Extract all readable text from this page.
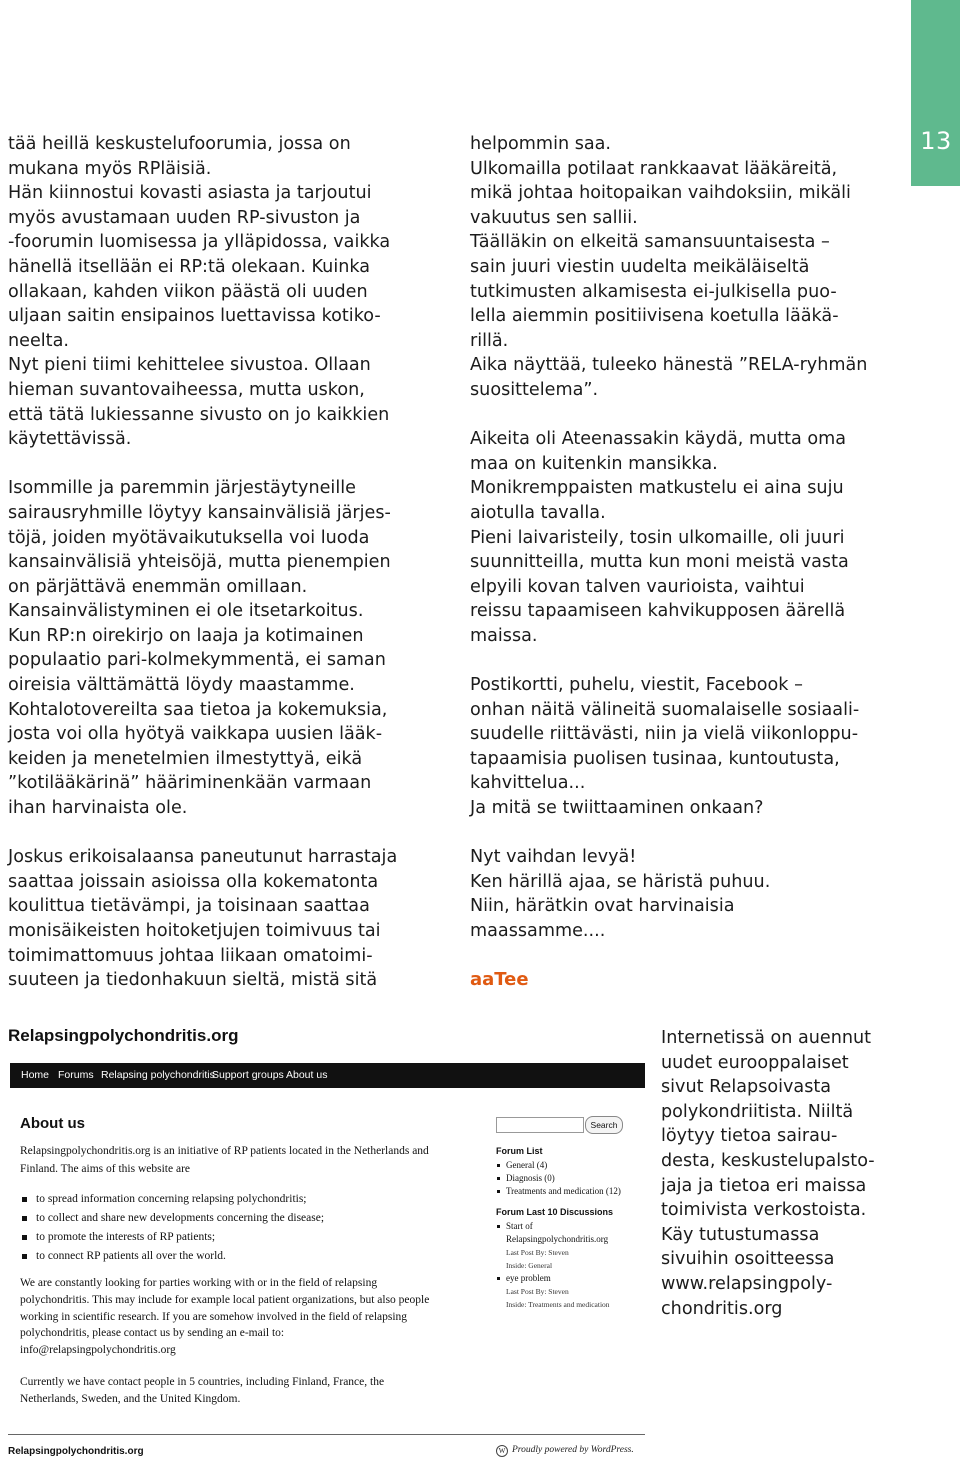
13

tää heillä keskustelufoorumia, jossa on
mukana myös RPläisiä.
Hän kiinnostui kovasti asiasta ja tarjoutui
myös avustamaan uuden RP-sivuston ja
-foorumin luomisessa ja ylläpidossa, vaikka
hänellä itsellään ei RP:tä olekaan. Kuinka
ollakaan, kahden viikon päästä oli uuden
uljaan saitin ensipainos luettavissa kotiko-
neelta.
Nyt pieni tiimi kehittelee sivustoa. Ollaan
hieman suvantovaiheessa, mutta uskon,
että tätä lukiessanne sivusto on jo kaikkien
käytettävissä.

Isommille ja paremmin järjestäytyneille
sairausryhmille löytyy kansainvälisiä järjes-
töjä, joiden myötävaikutuksella voi luoda
kansainvälisiä yhteisöjä, mutta pienempien
on pärjättävä enemmän omillaan.
Kansainvälistyminen ei ole itsetarkoitus.
Kun RP:n oirekirjo on laaja ja kotimainen
populaatio pari-kolmekymmentä, ei saman
oireisia välttämättä löydy maastamme.
Kohtalotovereilta saa tietoa ja kokemuksia,
josta voi olla hyötyä vaikkapa uusien lääk-
keiden ja menetelmien ilmestyttyä, eikä
”kotilääkärinä” hääriminenkään varmaan
ihan harvinaista ole.

Joskus erikoisalaansa paneutunut harrastaja
saattaa joissain asioissa olla kokematonta
koulittua tietävämpi, ja toisinaan saattaa
monisäikeisten hoitoketjujen toimivuus tai
toimimattomuus johtaa liikaan omatoimi-
suuteen ja tiedonhakuun sieltä, mistä sitä

helpommin saa.
Ulkomailla potilaat rankkaavat lääkäreitä,
mikä johtaa hoitopaikan vaihdoksiin, mikäli
vakuutus sen sallii.
Täälläkin on elkeitä samansuuntaisesta –
sain juuri viestin uudelta meikäläiseltä
tutkimusten alkamisesta ei-julkisella puo-
lella aiemmin positiivisena koetulla lääkä-
rillä.
Aika näyttää, tuleeko hänestä ”RELA-ryhmän
suosittelema”.

Aikeita oli Ateenassakin käydä, mutta oma
maa on kuitenkin mansikka.
Monikremppaisten matkustelu ei aina suju
aiotulla tavalla.
Pieni laivaristeily, tosin ulkomaille, oli juuri
suunnitteilla, mutta kun moni meistä vasta
elpyili kovan talven vaurioista, vaihtui
reissu tapaamiseen kahvikupposen äärellä
maissa.

Postikortti, puhelu, viestit, Facebook –
onhan näitä välineitä suomalaiselle sosiaali-
suudelle riittävästi, niin ja vielä viikonloppu-
tapaamisia puolisen tusinaa, kuntoutusta,
kahvittelua...
Ja mitä se twiittaaminen onkaan?

Nyt vaihdan levyä!
Ken härillä ajaa, se häristä puhuu.
Niin, härätkin ovat harvinaisia
maassamme....

aaTee
Relapsingpolychondritis.org
Home Forums Relapsing polychondritis
Support groups About us
About us
Relapsingpolychondritis.org is an initiative of RP patients located in the Netherlands and
Finland. The aims of this website are
to spread information concerning relapsing polychondritis;
to collect and share new developments concerning the disease;
to promote the interests of RP patients;
to connect RP patients all over the world.
We are constantly looking for parties working with or in the field of relapsing
polychondritis. This may include for example local patient organizations, but also people
working in scientific research. If you are somehow involved in the field of relapsing
polychondritis, please contact us by sending an e-mail to:
info@relapsingpolychondritis.org
Currently we have contact people in 5 countries, including Finland, France, the
Netherlands, Sweden, and the United Kingdom.
Search
Forum List
General (4)
Diagnosis (0)
Treatments and medication (12)
Forum Last 10 Discussions
Start of
Relapsingpolychondritis.org
Last Post By: Steven
Inside: General
eye problem
Last Post By: Steven
Inside: Treatments and medication
Relapsingpolychondritis.org	W Proudly powered by WordPress.
Internetissä on auennut
uudet eurooppalaiset
sivut Relapsoivasta
polykondriitista. Niiltä
löytyy tietoa sairau-
desta, keskustelupalsto-
jaja ja tietoa eri maissa
toimivista verkostoista.
Käy tutustumassa
sivuihin osoitteessa
www.relapsingpoly-
chondritis.org
